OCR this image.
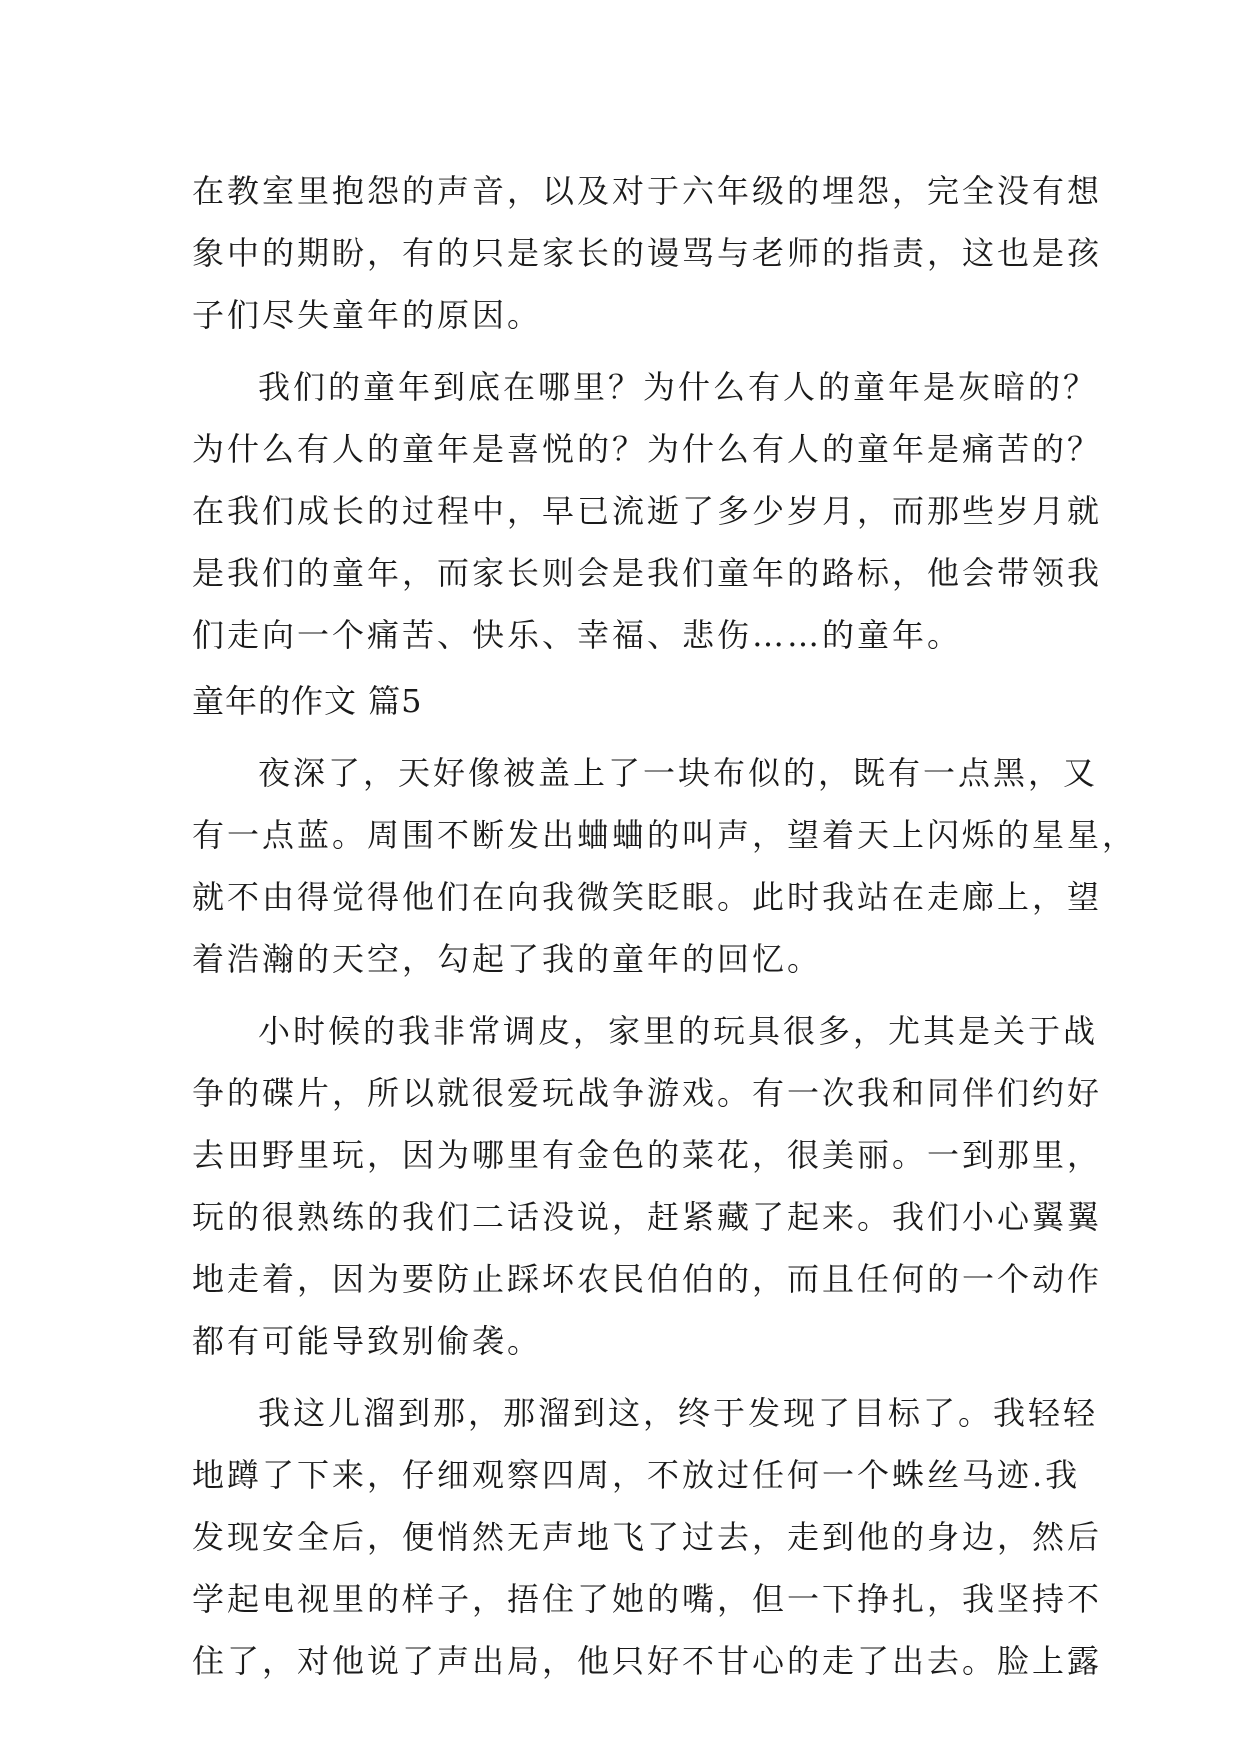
在教室里抱怨的声音，以及对于六年级的埋怨，完全没有想
象中的期盼，有的只是家长的谩骂与老师的指责，这也是孩
子们尽失童年的原因。
我们的童年到底在哪里？为什么有人的童年是灰暗的？
为什么有人的童年是喜悦的？为什么有人的童年是痛苦的？
在我们成长的过程中，早已流逝了多少岁月，而那些岁月就
是我们的童年，而家长则会是我们童年的路标，他会带领我
们走向一个痛苦、快乐、幸福、悲伤……的童年。
童年的作文 篇5
夜深了，天好像被盖上了一块布似的，既有一点黑，又
有一点蓝。周围不断发出蛐蛐的叫声，望着天上闪烁的星星，
就不由得觉得他们在向我微笑眨眼。此时我站在走廊上，望
着浩瀚的天空，勾起了我的童年的回忆。
小时候的我非常调皮，家里的玩具很多，尤其是关于战
争的碟片，所以就很爱玩战争游戏。有一次我和同伴们约好
去田野里玩，因为哪里有金色的菜花，很美丽。一到那里，
玩的很熟练的我们二话没说，赶紧藏了起来。我们小心翼翼
地走着，因为要防止踩坏农民伯伯的，而且任何的一个动作
都有可能导致别偷袭。
我这儿溜到那，那溜到这，终于发现了目标了。我轻轻
地蹲了下来，仔细观察四周，不放过任何一个蛛丝马迹.我
发现安全后，便悄然无声地飞了过去，走到他的身边，然后
学起电视里的样子，捂住了她的嘴，但一下挣扎，我坚持不
住了，对他说了声出局，他只好不甘心的走了出去。脸上露
